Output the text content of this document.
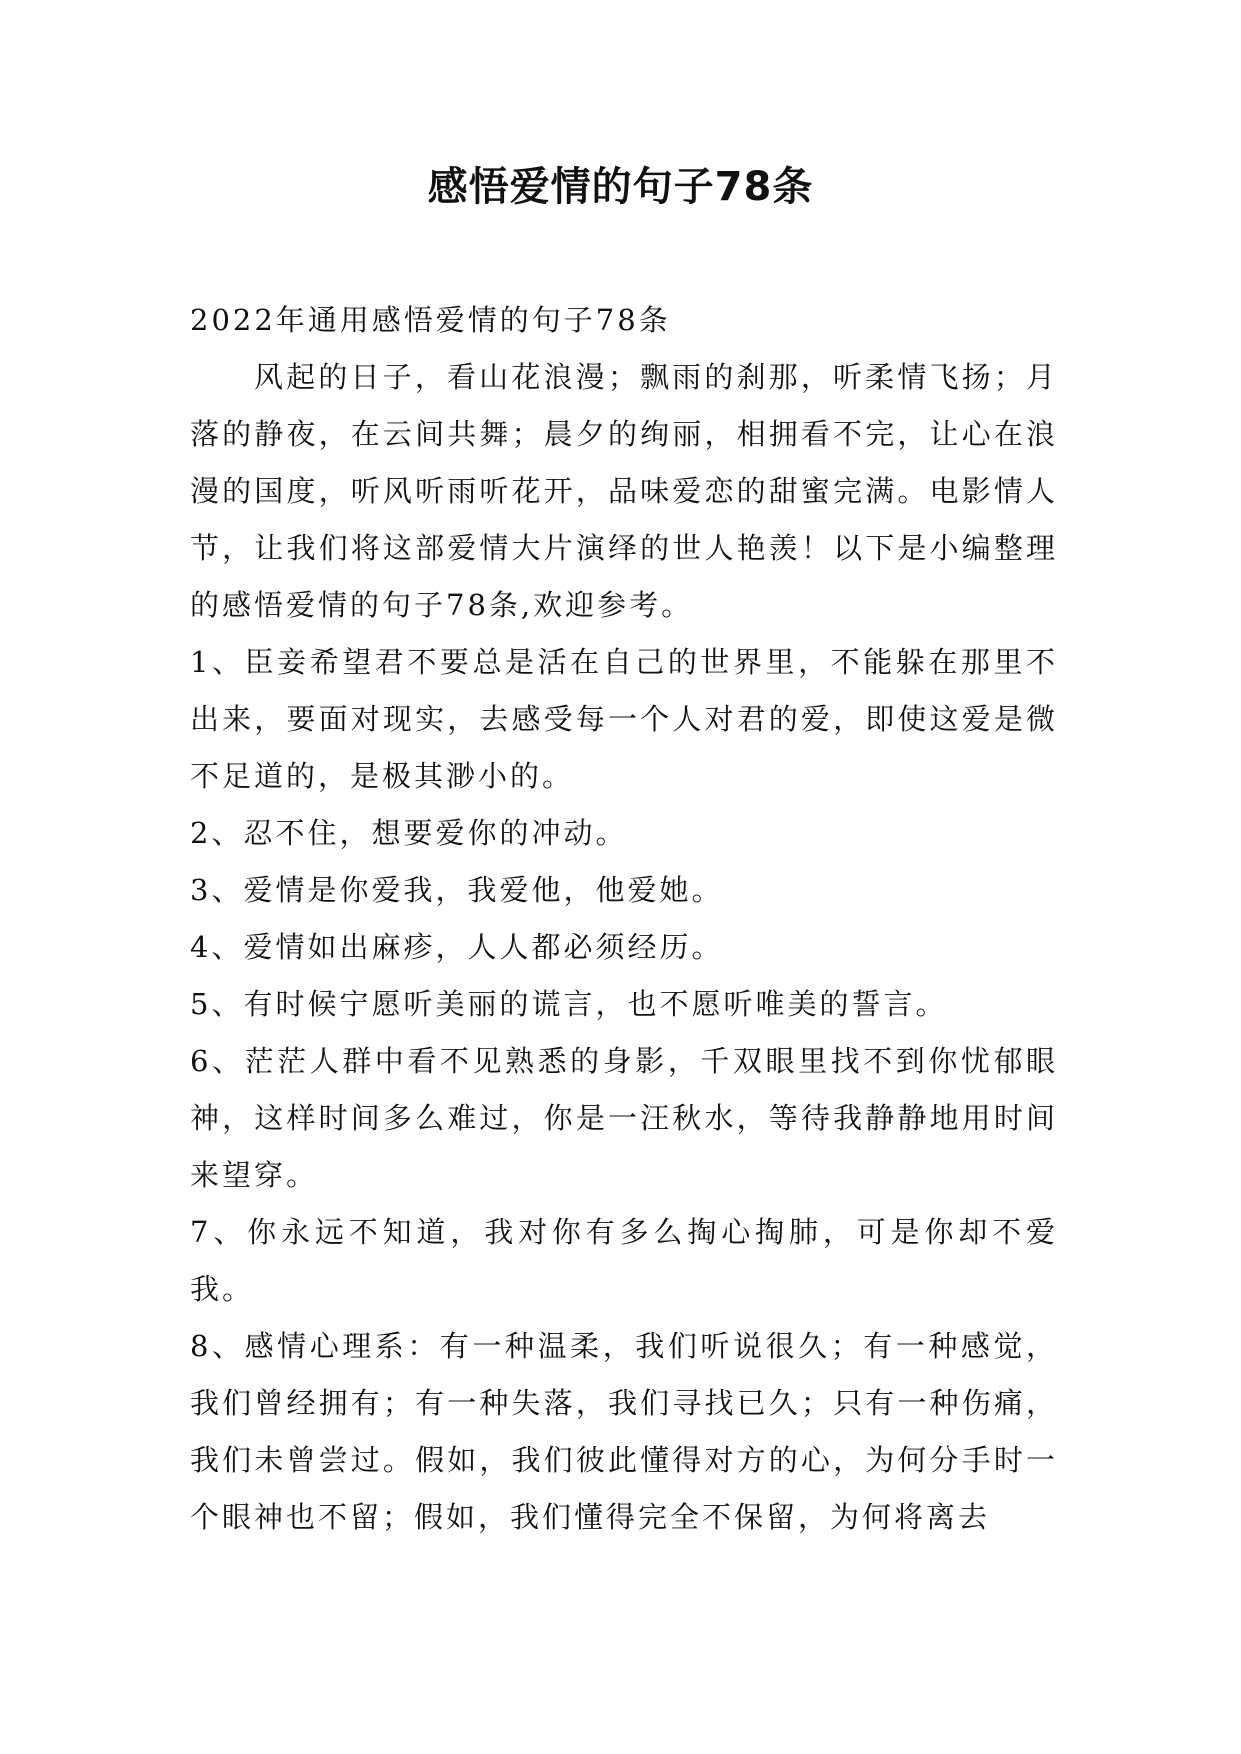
感悟爱情的句子78条

2022年通用感悟爱情的句子78条

风起的日子，看山花浪漫；飘雨的刹那，听柔情飞扬；月落的静夜，在云间共舞；晨夕的绚丽，相拥看不完，让心在浪漫的国度，听风听雨听花开，品味爱恋的甜蜜完满。电影情人节，让我们将这部爱情大片演绎的世人艳羡！以下是小编整理的感悟爱情的句子78条,欢迎参考。

1、臣妾希望君不要总是活在自己的世界里，不能躲在那里不出来，要面对现实，去感受每一个人对君的爱，即使这爱是微不足道的，是极其渺小的。

2、忍不住，想要爱你的冲动。

3、爱情是你爱我，我爱他，他爱她。

4、爱情如出麻疹，人人都必须经历。

5、有时候宁愿听美丽的谎言，也不愿听唯美的誓言。

6、茫茫人群中看不见熟悉的身影，千双眼里找不到你忧郁眼神，这样时间多么难过，你是一汪秋水，等待我静静地用时间来望穿。

7、你永远不知道，我对你有多么掏心掏肺，可是你却不爱我。

8、感情心理系：有一种温柔，我们听说很久；有一种感觉，我们曾经拥有；有一种失落，我们寻找已久；只有一种伤痛，我们未曾尝过。假如，我们彼此懂得对方的心，为何分手时一个眼神也不留；假如，我们懂得完全不保留，为何将离去
